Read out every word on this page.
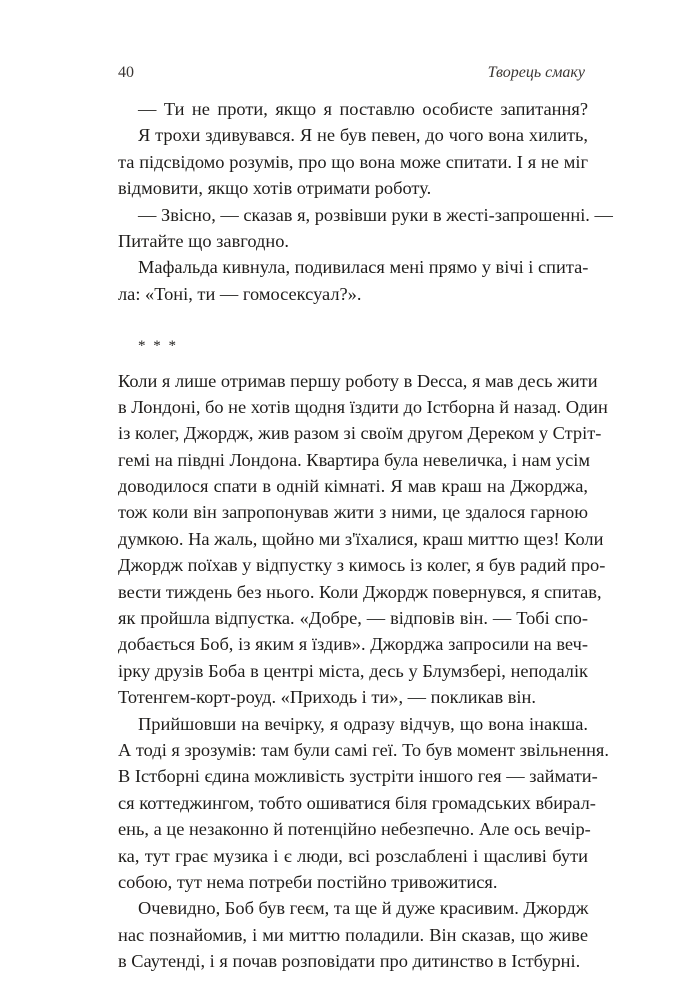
40	Творець смаку
— Ти не проти, якщо я поставлю особисте запитання?
Я трохи здивувався. Я не був певен, до чого вона хилить,
та підсвідомо розумів, про що вона може спитати. І я не міг
відмовити, якщо хотів отримати роботу.
— Звісно, — сказав я, розвівши руки в жесті-запрошенні. —
Питайте що завгодно.
Мафальда кивнула, подивилася мені прямо у вічі і спита-
ла: «Тоні, ти — гомосексуал?».
* * *
Коли я лише отримав першу роботу в Decca, я мав десь жити
в Лондоні, бо не хотів щодня їздити до Істборна й назад. Один
із колег, Джордж, жив разом зі своїм другом Дереком у Стріт-
гемі на півдні Лондона. Квартира була невеличка, і нам усім
доводилося спати в одній кімнаті. Я мав краш на Джорджа,
тож коли він запропонував жити з ними, це здалося гарною
думкою. На жаль, щойно ми з'їхалися, краш миттю щез! Коли
Джордж поїхав у відпустку з кимось із колег, я був радий про-
вести тиждень без нього. Коли Джордж повернувся, я спитав,
як пройшла відпустка. «Добре, — відповів він. — Тобі спо-
добається Боб, із яким я їздив». Джорджа запросили на веч-
ірку друзів Боба в центрі міста, десь у Блумзбері, неподалік
Тотенгем-корт-роуд. «Приходь і ти», — покликав він.
Прийшовши на вечірку, я одразу відчув, що вона інакша.
А тоді я зрозумів: там були самі геї. То був момент звільнення.
В Істборні єдина можливість зустріти іншого гея — займати-
ся коттеджингом, тобто ошиватися біля громадських вбирал-
ень, а це незаконно й потенційно небезпечно. Але ось вечір-
ка, тут грає музика і є люди, всі розслаблені і щасливі бути
собою, тут нема потреби постійно тривожитися.
Очевидно, Боб був геєм, та ще й дуже красивим. Джордж
нас познайомив, і ми миттю поладили. Він сказав, що живе
в Саутенді, і я почав розповідати про дитинство в Істбурні.
